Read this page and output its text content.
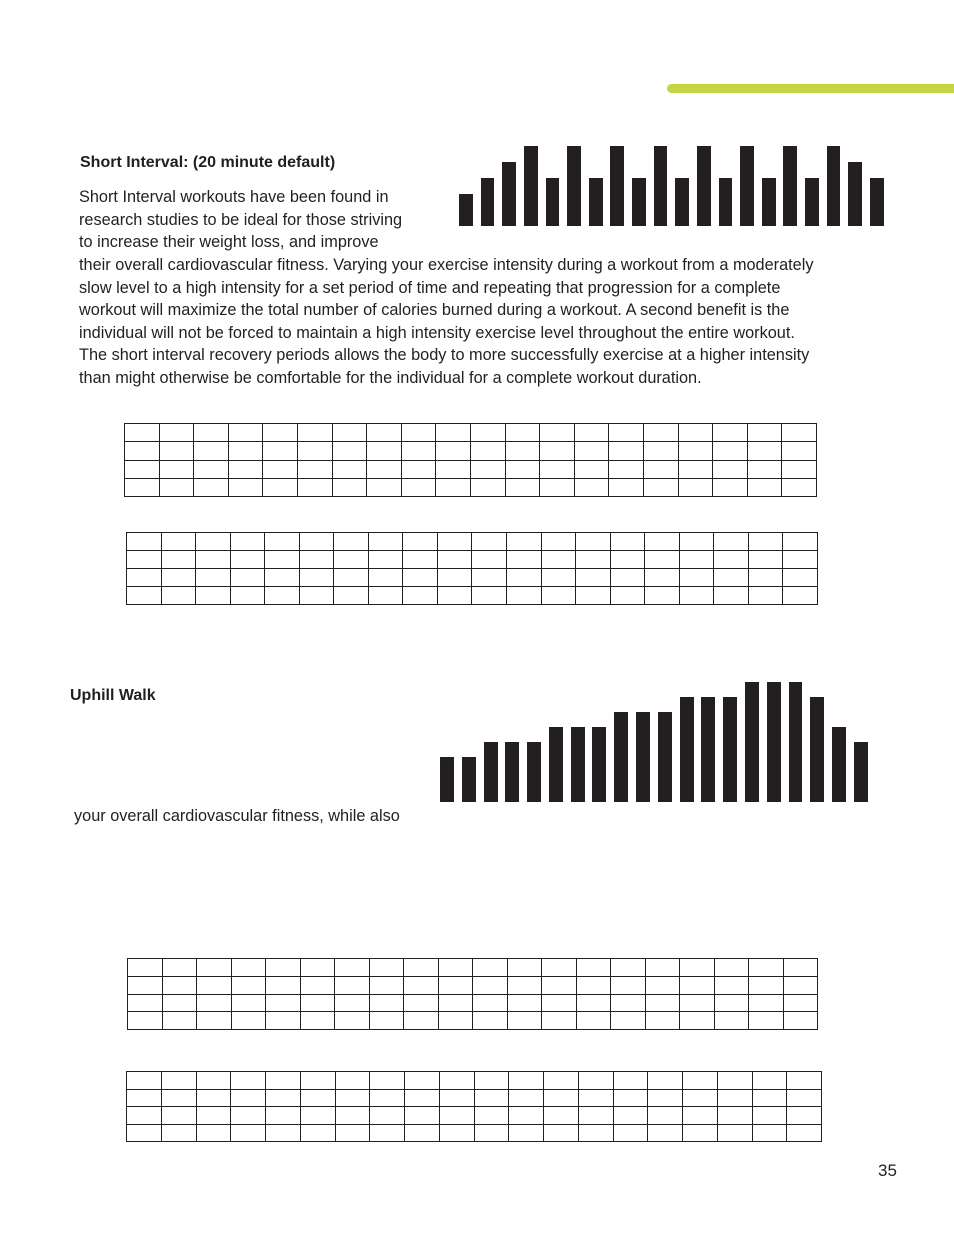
Short Interval: (20 minute default)
Short Interval workouts have been found in
research studies to be ideal for those striving
to increase their weight loss, and improve
their overall cardiovascular fitness. Varying your exercise intensity during a workout from a moderately
slow level to a high intensity for a set period of time and repeating that progression for a complete
workout will maximize the total number of calories burned during a workout. A second benefit is the
individual will not be forced to maintain a high intensity exercise level throughout the entire workout.
The short interval recovery periods allows the body to more successfully exercise at a higher intensity
than might otherwise be comfortable for the individual for a complete workout duration.

Uphill Walk
your overall cardiovascular fitness, while also

35
